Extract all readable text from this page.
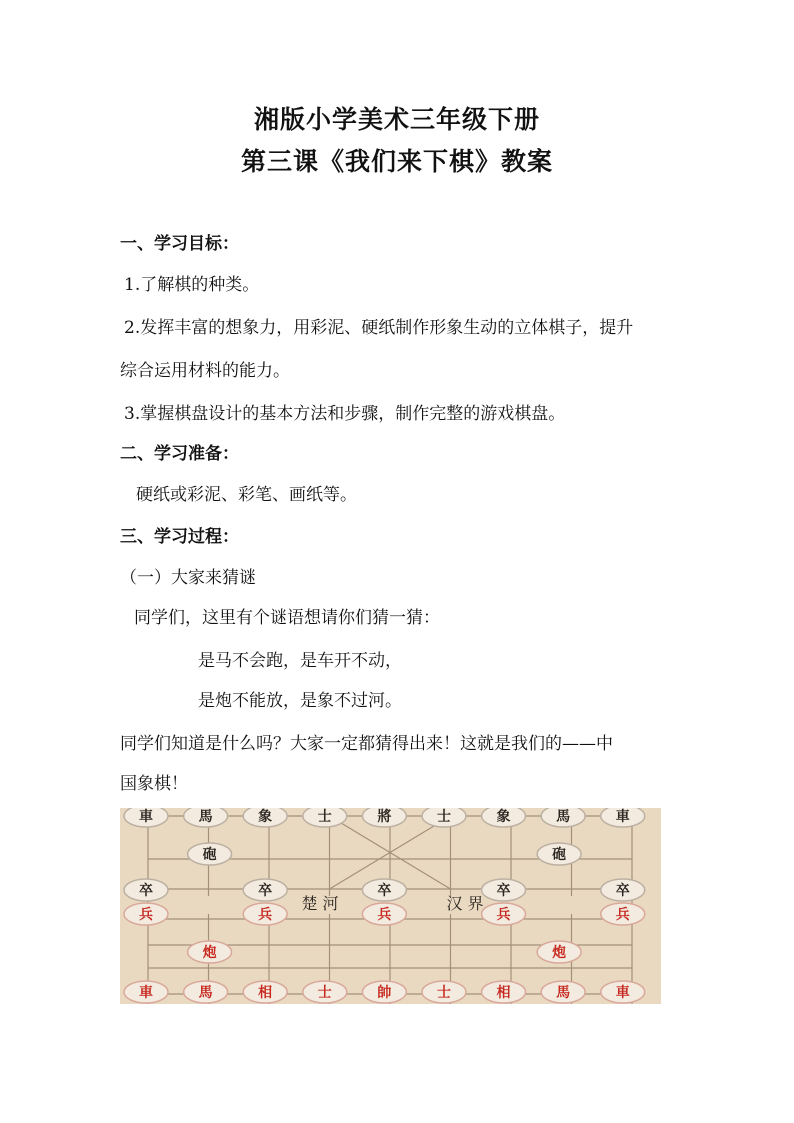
湘版小学美术三年级下册
第三课《我们来下棋》教案
一、学习目标：
1.了解棋的种类。
2.发挥丰富的想象力，用彩泥、硬纸制作形象生动的立体棋子，提升
综合运用材料的能力。
3.掌握棋盘设计的基本方法和步骤，制作完整的游戏棋盘。
二、学习准备：
硬纸或彩泥、彩笔、画纸等。
三、学习过程：
（一）大家来猜谜
同学们，这里有个谜语想请你们猜一猜：
是马不会跑，是车开不动，
是炮不能放，是象不过河。
同学们知道是什么吗？大家一定都猜得出来！这就是我们的——中
国象棋！
楚 河	汉 界
車	馬	象	士	將	士	象	馬	車
砲	砲
卒	卒	卒	卒	卒
兵	兵	兵	兵	兵
炮	炮
車	馬	相	士	帥	士	相	馬	車
